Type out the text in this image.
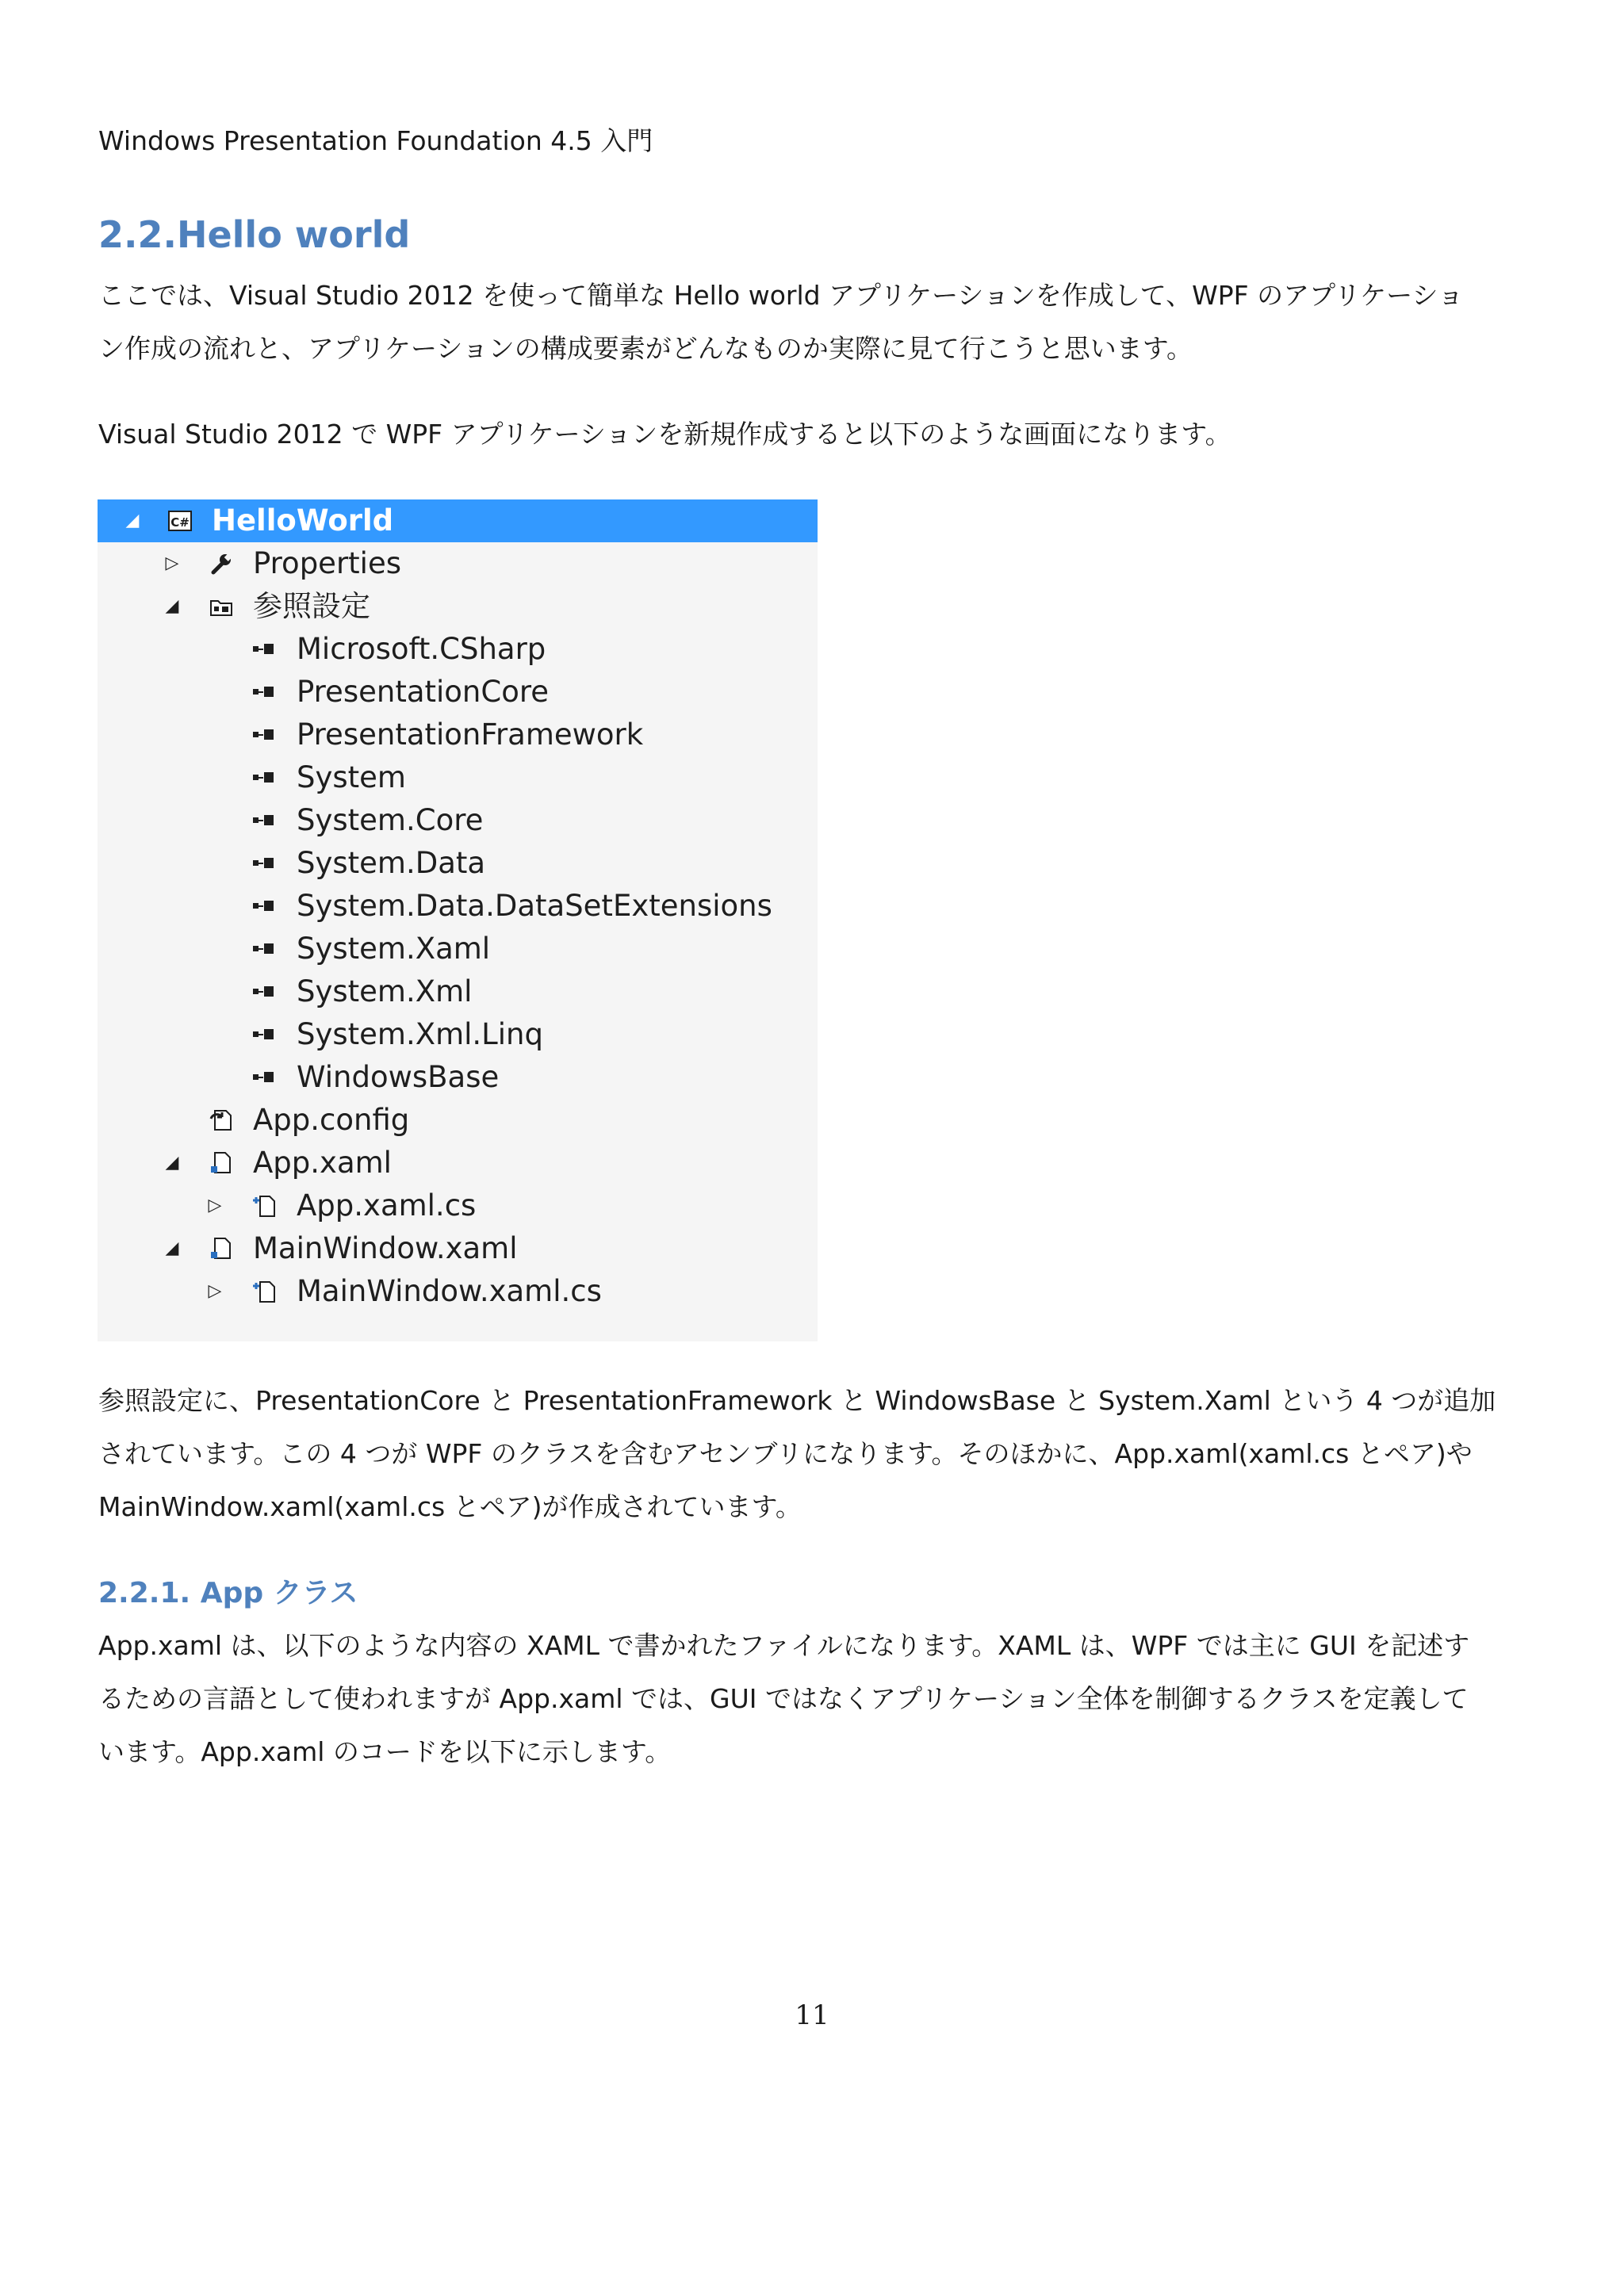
Windows Presentation Foundation 4.5 入門
2.2.Hello world

ここでは、Visual Studio 2012 を使って簡単な Hello world アプリケーションを作成して、WPF のアプリケーショ

ン作成の流れと、アプリケーションの構成要素がどんなものか実際に見て行こうと思います。

Visual Studio 2012 で WPF アプリケーションを新規作成すると以下のような画面になります。

◢	C# HelloWorld
▷	Properties
◢	参照設定
Microsoft.CSharp
PresentationCore
PresentationFramework
System
System.Core
System.Data
System.Data.DataSetExtensions
System.Xaml
System.Xml
System.Xml.Linq
WindowsBase
App.config
◢	App.xaml
▷	App.xaml.cs
◢	MainWindow.xaml
▷	MainWindow.xaml.cs

参照設定に、PresentationCore と PresentationFramework と WindowsBase と System.Xaml という 4 つが追加

されています。この 4 つが WPF のクラスを含むアセンブリになります。そのほかに、App.xaml(xaml.cs とペア)や

MainWindow.xaml(xaml.cs とペア)が作成されています。

2.2.1. App クラス

App.xaml は、以下のような内容の XAML で書かれたファイルになります。XAML は、WPF では主に GUI を記述す

るための言語として使われますが App.xaml では、GUI ではなくアプリケーション全体を制御するクラスを定義して

います。App.xaml のコードを以下に示します。

11
